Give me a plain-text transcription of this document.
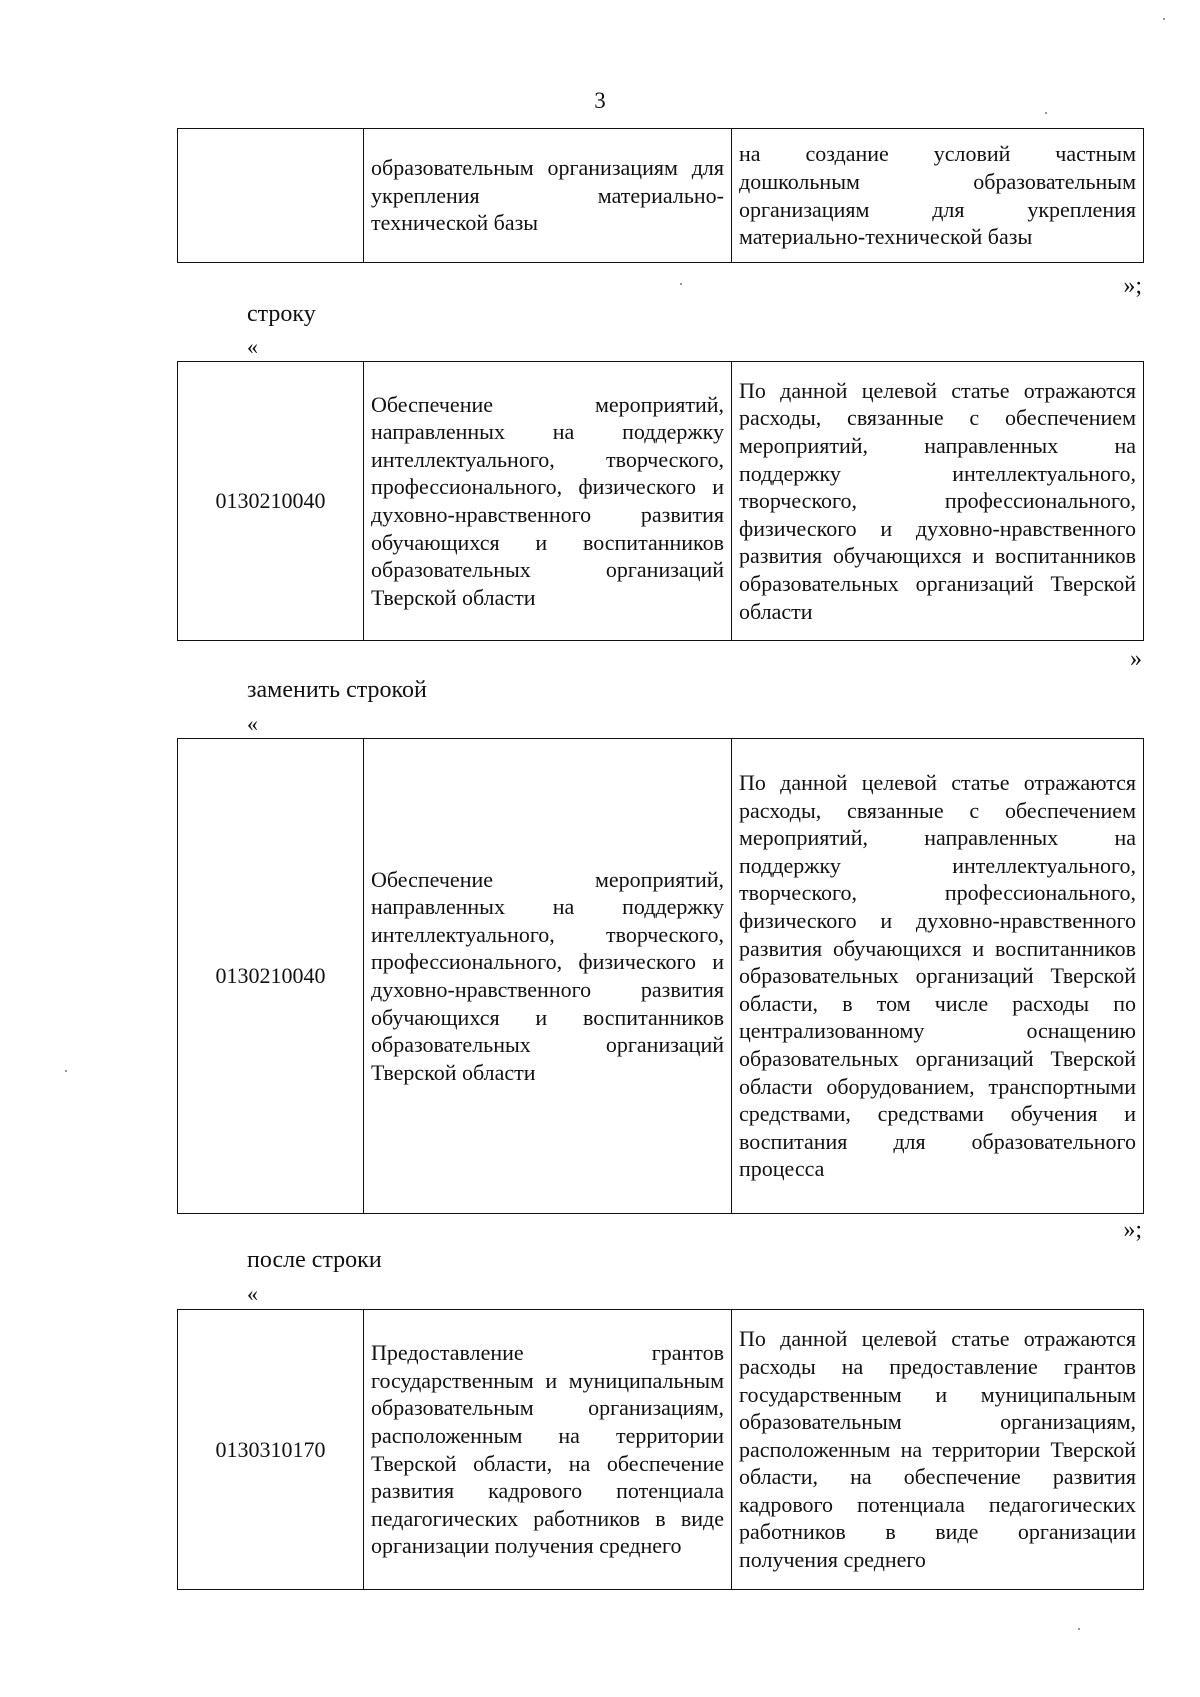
3
	образовательным организациям для укрепления материально-технической базы	на создание условий частным дошкольным образовательным организациям для укрепления материально-технической базы
»;
строку
«
0130210040	Обеспечение мероприятий, направленных на поддержку интеллектуального, творческого, профессионального, физического и духовно-нравственного развития обучающихся и воспитанников образовательных организаций Тверской области	По данной целевой статье отражаются расходы, связанные с обеспечением мероприятий, направленных на поддержку интеллектуального, творческого, профессионального, физического и духовно-нравственного развития обучающихся и воспитанников образовательных организаций Тверской области
»
заменить строкой
«
0130210040	Обеспечение мероприятий, направленных на поддержку интеллектуального, творческого, профессионального, физического и духовно-нравственного развития обучающихся и воспитанников образовательных организаций Тверской области	По данной целевой статье отражаются расходы, связанные с обеспечением мероприятий, направленных на поддержку интеллектуального, творческого, профессионального, физического и духовно-нравственного развития обучающихся и воспитанников образовательных организаций Тверской области, в том числе расходы по централизованному оснащению образовательных организаций Тверской области оборудованием, транспортными средствами, средствами обучения и воспитания для образовательного процесса
»;
после строки
«
0130310170	Предоставление грантов государственным и муниципальным образовательным организациям, расположенным на территории Тверской области, на обеспечение развития кадрового потенциала педагогических работников в виде организации получения среднего	По данной целевой статье отражаются расходы на предоставление грантов государственным и муниципальным образовательным организациям, расположенным на территории Тверской области, на обеспечение развития кадрового потенциала педагогических работников в виде организации получения среднего
